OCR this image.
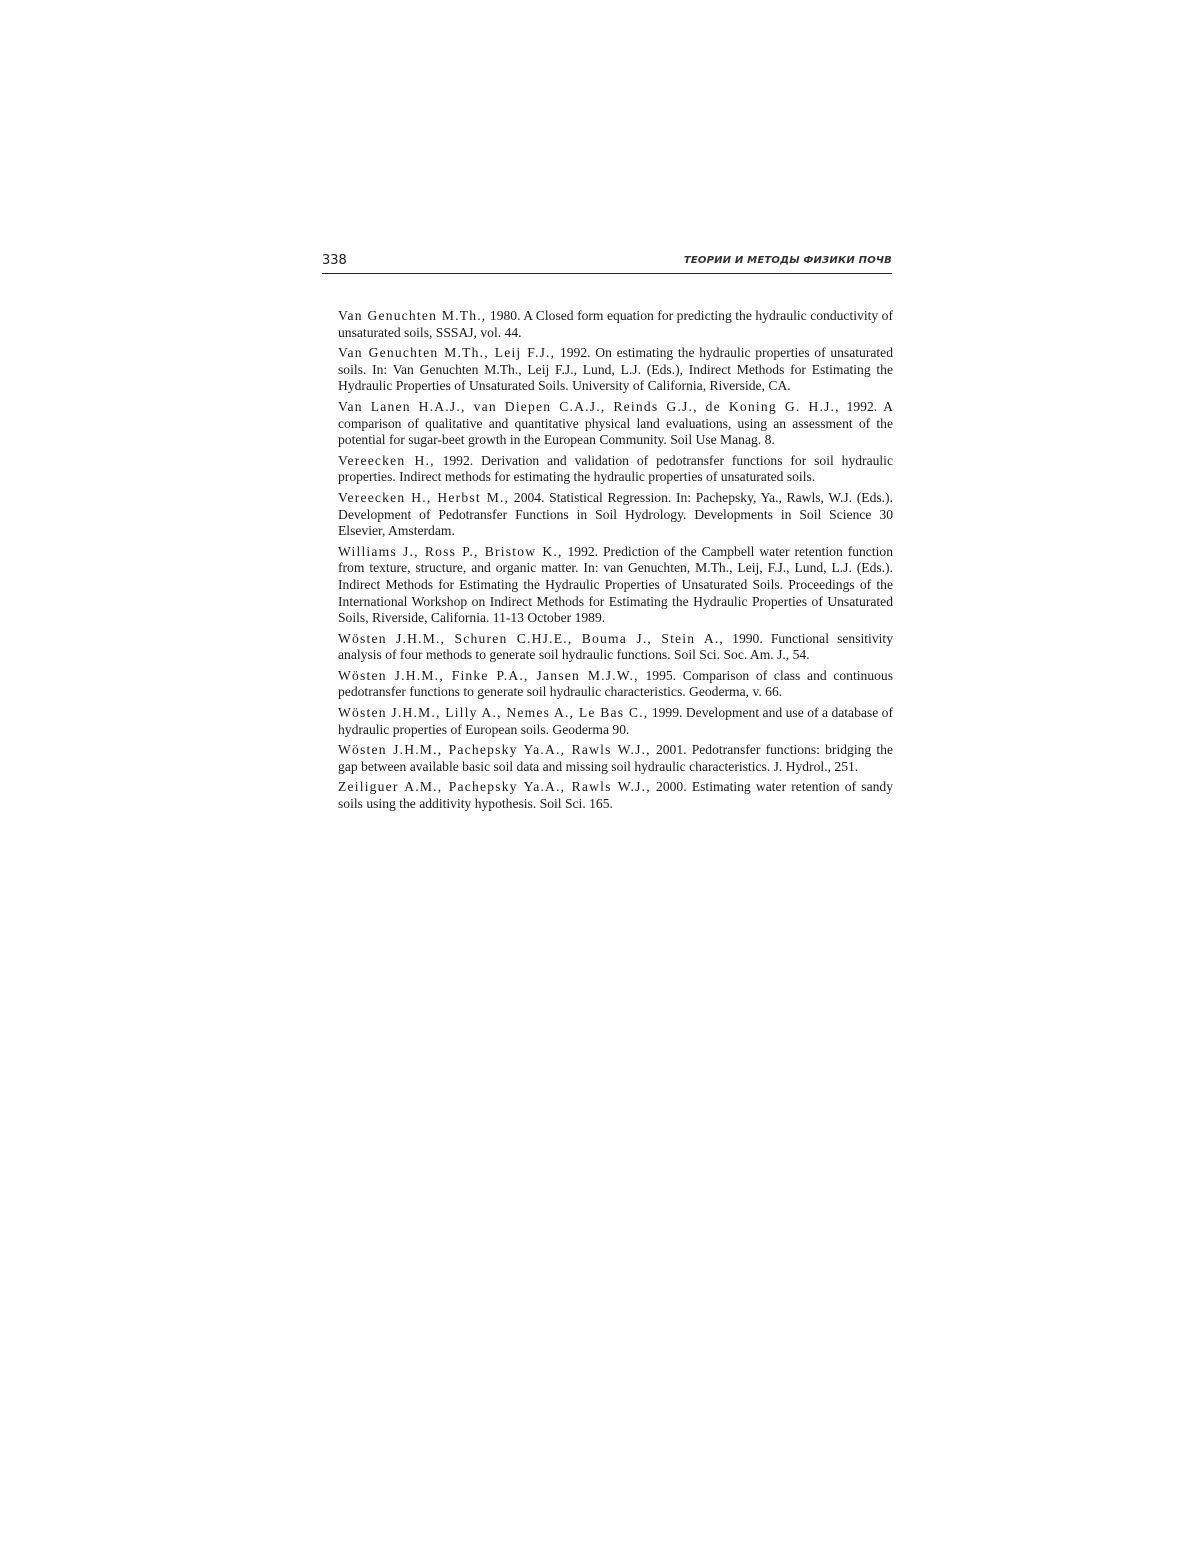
338	ТЕОРИИ И МЕТОДЫ ФИЗИКИ ПОЧВ

Van Genuchten M.Th., 1980. A Closed form equation for predicting the hydraulic conductivity of unsaturated soils, SSSAJ, vol. 44.

Van Genuchten M.Th., Leij F.J., 1992. On estimating the hydraulic properties of unsaturated soils. In: Van Genuchten M.Th., Leij F.J., Lund, L.J. (Eds.), Indirect Methods for Estimating the Hydraulic Properties of Unsaturated Soils. University of California, Riverside, CA.

Van Lanen H.A.J., van Diepen C.A.J., Reinds G.J., de Koning G. H.J., 1992. A comparison of qualitative and quantitative physical land evaluations, using an assessment of the potential for sugar-beet growth in the European Community. Soil Use Manag. 8.

Vereecken H., 1992. Derivation and validation of pedotransfer functions for soil hydraulic properties. Indirect methods for estimating the hydraulic properties of unsaturated soils.

Vereecken H., Herbst M., 2004. Statistical Regression. In: Pachepsky, Ya., Rawls, W.J. (Eds.). Development of Pedotransfer Functions in Soil Hydrology. Developments in Soil Science 30 Elsevier, Amsterdam.

Williams J., Ross P., Bristow K., 1992. Prediction of the Campbell water retention function from texture, structure, and organic matter. In: van Genuchten, M.Th., Leij, F.J., Lund, L.J. (Eds.). Indirect Methods for Estimating the Hydraulic Properties of Unsaturated Soils. Proceedings of the International Workshop on Indirect Methods for Estimating the Hydraulic Properties of Unsaturated Soils, Riverside, California. 11-13 October 1989.

Wösten J.H.M., Schuren C.HJ.E., Bouma J., Stein A., 1990. Functional sensitivity analysis of four methods to generate soil hydraulic functions. Soil Sci. Soc. Am. J., 54.

Wösten J.H.M., Finke P.A., Jansen M.J.W., 1995. Comparison of class and continuous pedotransfer functions to generate soil hydraulic characteristics. Geoderma, v. 66.

Wösten J.H.M., Lilly A., Nemes A., Le Bas C., 1999. Development and use of a database of hydraulic properties of European soils. Geoderma 90.

Wösten J.H.M., Pachepsky Ya.A., Rawls W.J., 2001. Pedotransfer functions: bridging the gap between available basic soil data and missing soil hydraulic characteristics. J. Hydrol., 251.

Zeiliguer A.M., Pachepsky Ya.A., Rawls W.J., 2000. Estimating water retention of sandy soils using the additivity hypothesis. Soil Sci. 165.
